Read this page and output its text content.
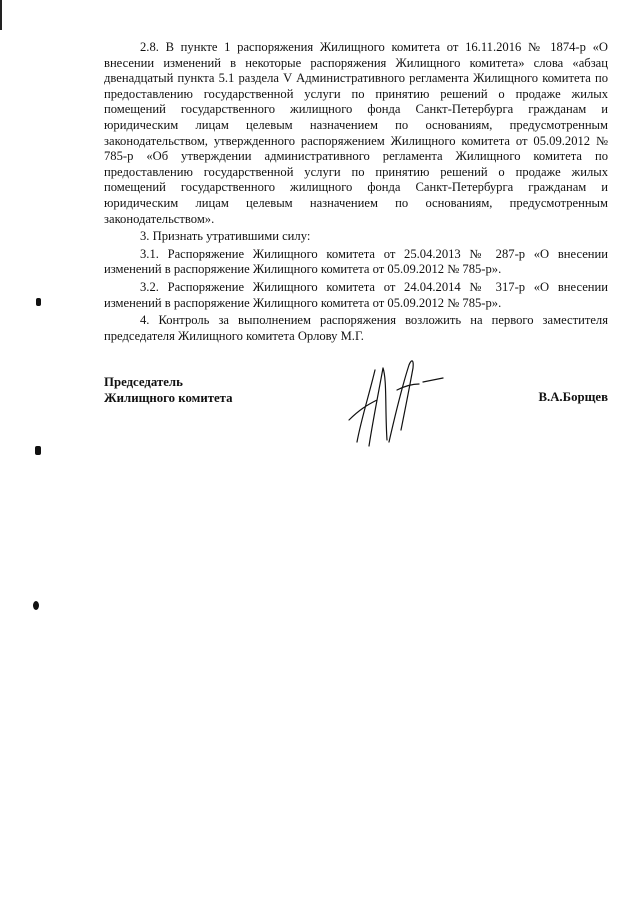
2.8. В пункте 1 распоряжения Жилищного комитета от 16.11.2016 № 1874-р «О внесении изменений в некоторые распоряжения Жилищного комитета» слова «абзац двенадцатый пункта 5.1 раздела V Административного регламента Жилищного комитета по предоставлению государственной услуги по принятию решений о продаже жилых помещений государственного жилищного фонда Санкт-Петербурга гражданам и юридическим лицам целевым назначением по основаниям, предусмотренным законодательством, утвержденного распоряжением Жилищного комитета от 05.09.2012 № 785-р «Об утверждении административного регламента Жилищного комитета по предоставлению государственной услуги по принятию решений о продаже жилых помещений государственного жилищного фонда Санкт-Петербурга гражданам и юридическим лицам целевым назначением по основаниям, предусмотренным законодательством».

3. Признать утратившими силу:

3.1. Распоряжение Жилищного комитета от 25.04.2013 № 287-р «О внесении изменений в распоряжение Жилищного комитета от 05.09.2012 № 785-р».

3.2. Распоряжение Жилищного комитета от 24.04.2014 № 317-р «О внесении изменений в распоряжение Жилищного комитета от 05.09.2012 № 785-р».

4. Контроль за выполнением распоряжения возложить на первого заместителя председателя Жилищного комитета Орлову М.Г.

Председатель
Жилищного комитета	В.А.Борщев
